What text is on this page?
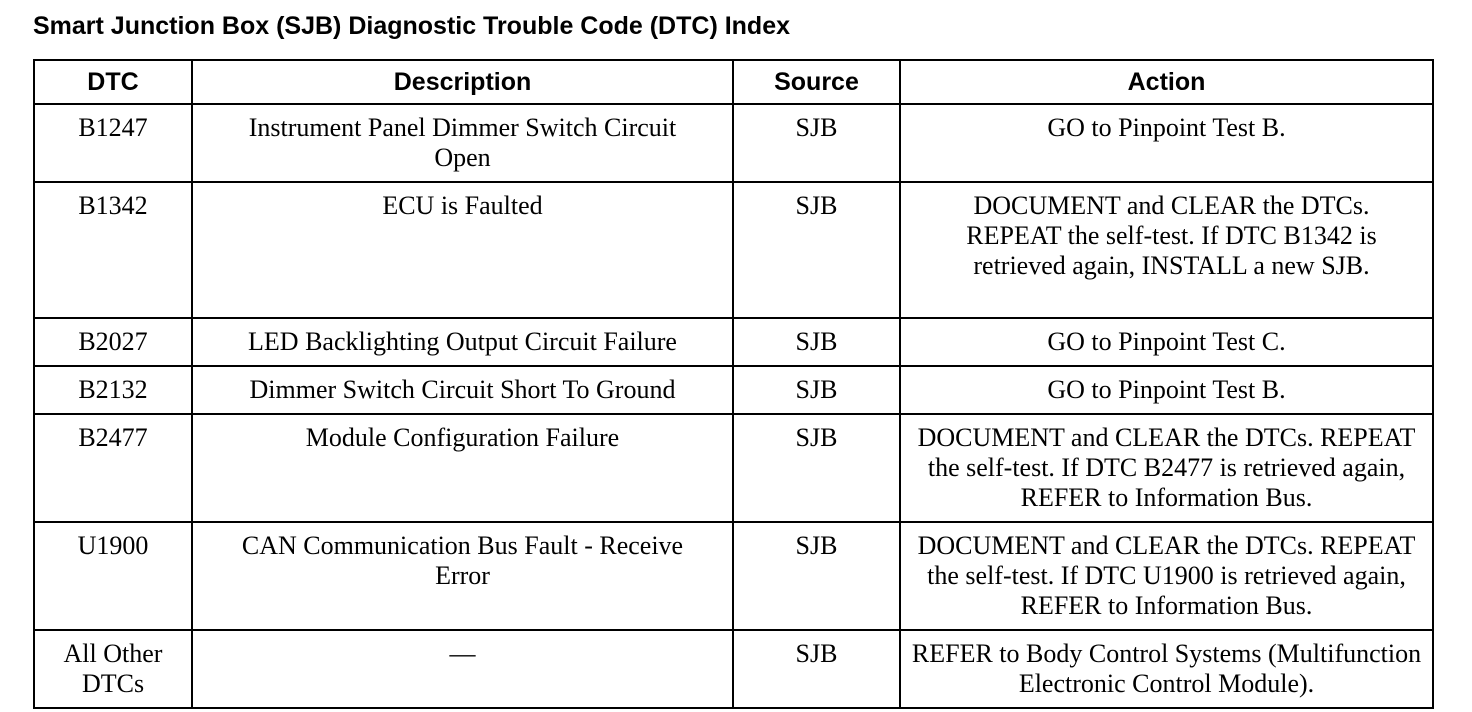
Smart Junction Box (SJB) Diagnostic Trouble Code (DTC) Index
DTC	Description	Source	Action
B1247	Instrument Panel Dimmer Switch Circuit Open	SJB	GO to Pinpoint Test B.
B1342	ECU is Faulted	SJB	DOCUMENT and CLEAR the DTCs. REPEAT the self-test. If DTC B1342 is retrieved again, INSTALL a new SJB.
B2027	LED Backlighting Output Circuit Failure	SJB	GO to Pinpoint Test C.
B2132	Dimmer Switch Circuit Short To Ground	SJB	GO to Pinpoint Test B.
B2477	Module Configuration Failure	SJB	DOCUMENT and CLEAR the DTCs. REPEAT the self-test. If DTC B2477 is retrieved again, REFER to Information Bus.
U1900	CAN Communication Bus Fault - Receive Error	SJB	DOCUMENT and CLEAR the DTCs. REPEAT the self-test. If DTC U1900 is retrieved again, REFER to Information Bus.
All Other DTCs	—	SJB	REFER to Body Control Systems (Multifunction Electronic Control Module).
